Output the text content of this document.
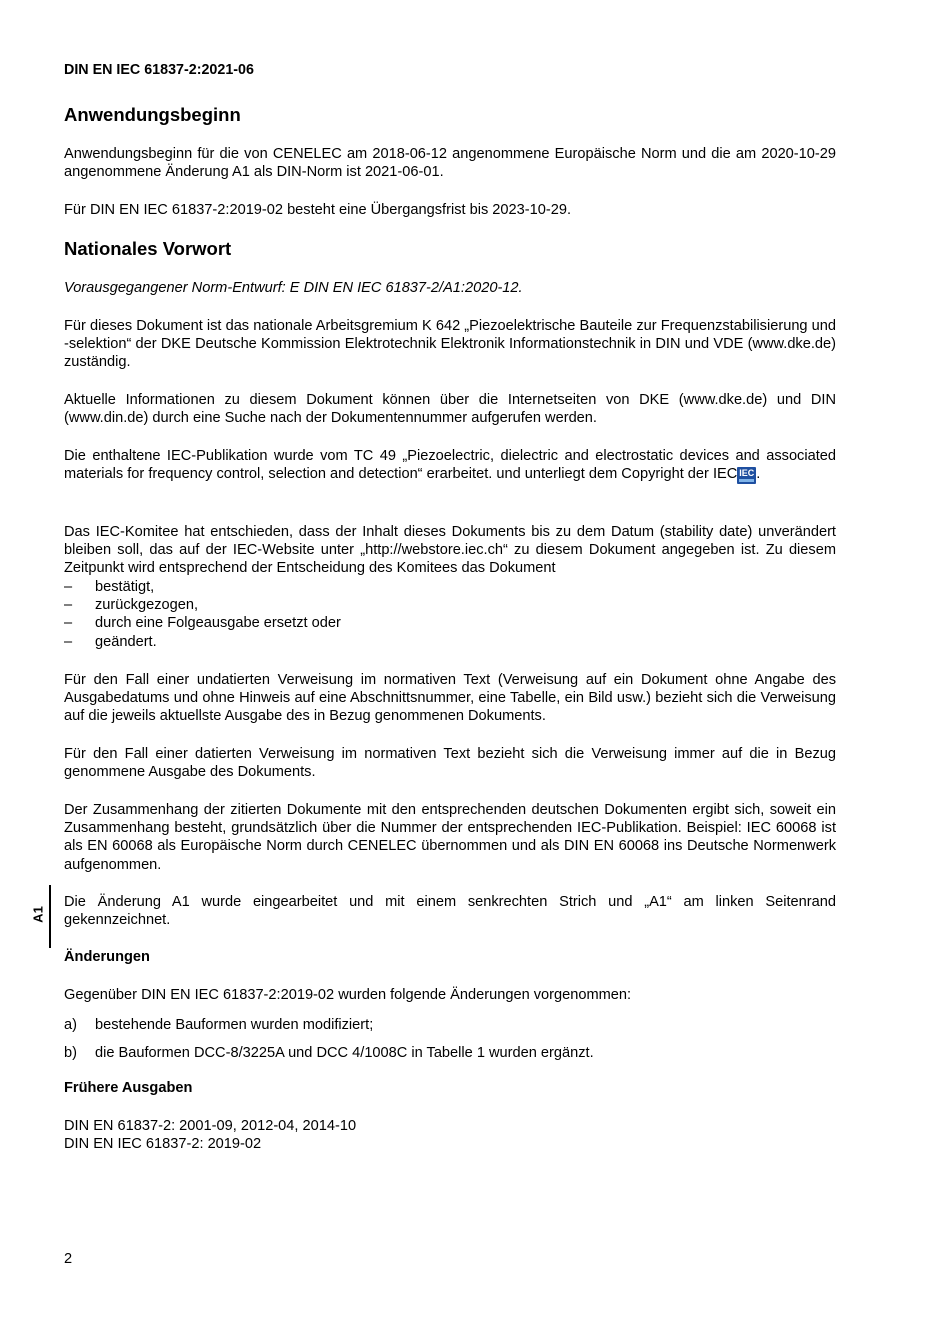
DIN EN IEC 61837-2:2021-06
Anwendungsbeginn

Anwendungsbeginn für die von CENELEC am 2018-06-12 angenommene Europäische Norm und die am 2020-10-29 angenommene Änderung A1 als DIN-Norm ist 2021-06-01.

Für DIN EN IEC 61837-2:2019-02 besteht eine Übergangsfrist bis 2023-10-29.

Nationales Vorwort

Vorausgegangener Norm-Entwurf: E DIN EN IEC 61837-2/A1:2020-12.

Für dieses Dokument ist das nationale Arbeitsgremium K 642 „Piezoelektrische Bauteile zur Frequenzstabilisierung und -selektion“ der DKE Deutsche Kommission Elektrotechnik Elektronik Informationstechnik in DIN und VDE (www.dke.de) zuständig.

Aktuelle Informationen zu diesem Dokument können über die Internetseiten von DKE (www.dke.de) und DIN (www.din.de) durch eine Suche nach der Dokumentennummer aufgerufen werden.

Die enthaltene IEC-Publikation wurde vom TC 49 „Piezoelectric, dielectric and electrostatic devices and associated materials for frequency control, selection and detection“ erarbeitet. und unterliegt dem Copyright der IEC IEC .

Das IEC-Komitee hat entschieden, dass der Inhalt dieses Dokuments bis zu dem Datum (stability date) unverändert bleiben soll, das auf der IEC-Website unter „http://webstore.iec.ch“ zu diesem Dokument angegeben ist. Zu diesem Zeitpunkt wird entsprechend der Entscheidung des Komitees das Dokument

– bestätigt,
– zurückgezogen,
– durch eine Folgeausgabe ersetzt oder
– geändert.

Für den Fall einer undatierten Verweisung im normativen Text (Verweisung auf ein Dokument ohne Angabe des Ausgabedatums und ohne Hinweis auf eine Abschnittsnummer, eine Tabelle, ein Bild usw.) bezieht sich die Verweisung auf die jeweils aktuellste Ausgabe des in Bezug genommenen Dokuments.

Für den Fall einer datierten Verweisung im normativen Text bezieht sich die Verweisung immer auf die in Bezug genommene Ausgabe des Dokuments.

Der Zusammenhang der zitierten Dokumente mit den entsprechenden deutschen Dokumenten ergibt sich, soweit ein Zusammenhang besteht, grundsätzlich über die Nummer der entsprechenden IEC-Publikation. Beispiel: IEC 60068 ist als EN 60068 als Europäische Norm durch CENELEC übernommen und als DIN EN 60068 ins Deutsche Normenwerk aufgenommen.

Die Änderung A1 wurde eingearbeitet und mit einem senkrechten Strich und „A1“ am linken Seitenrand gekennzeichnet.

Änderungen

Gegenüber DIN EN IEC 61837-2:2019-02 wurden folgende Änderungen vorgenommen:

a) bestehende Bauformen wurden modifiziert;
b) die Bauformen DCC-8/3225A und DCC 4/1008C in Tabelle 1 wurden ergänzt.
Frühere Ausgaben

DIN EN 61837-2: 2001-09, 2012-04, 2014-10

DIN EN IEC 61837-2: 2019-02

A1
2
